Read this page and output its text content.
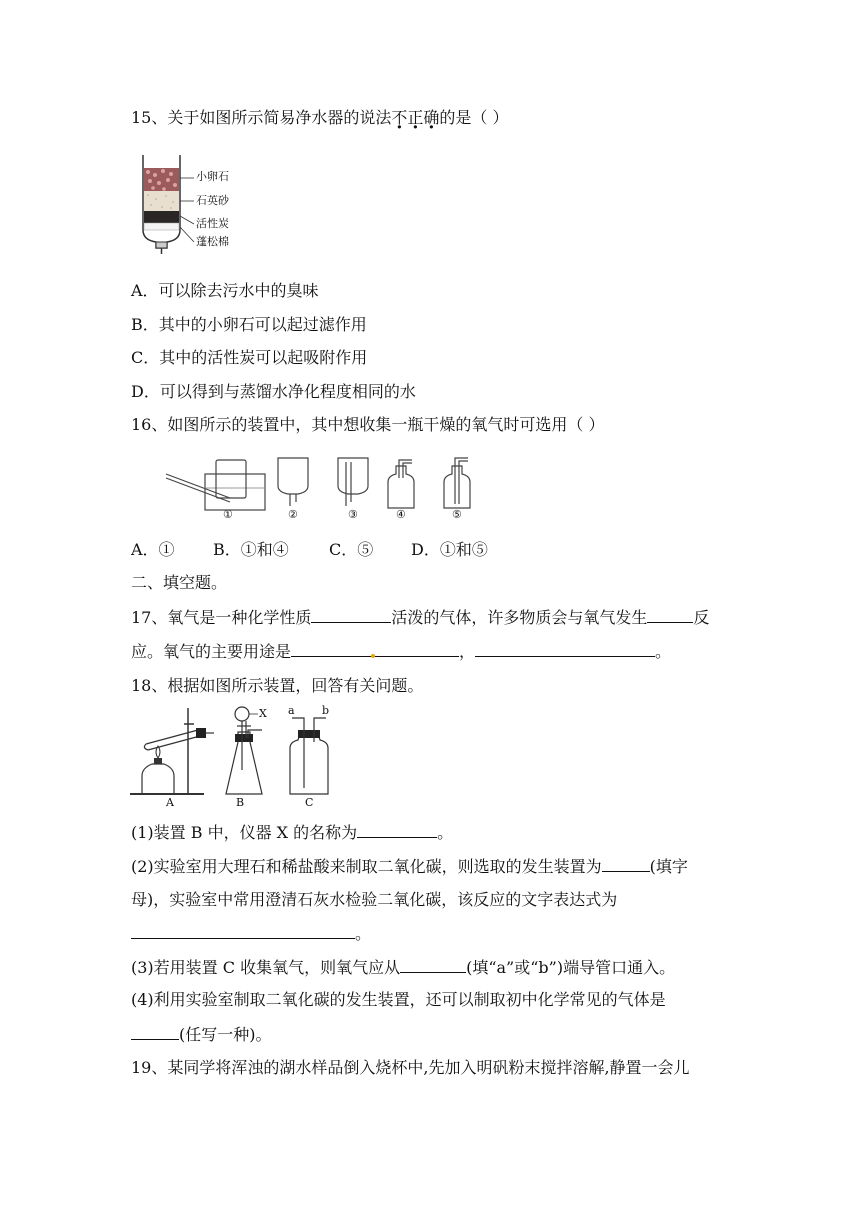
15、关于如图所示简易净水器的说法不正确的是（ ）
小卵石
石英砂
活性炭
蓬松棉
A．可以除去污水中的臭味
B．其中的小卵石可以起过滤作用
C．其中的活性炭可以起吸附作用
D．可以得到与蒸馏水净化程度相同的水
16、如图所示的装置中，其中想收集一瓶干燥的氧气时可选用（ ）
①	②	③	④	⑤
A．① B．①和④	C．⑤ D．①和⑤
二、填空题。
17、氧气是一种化学性质	活泼的气体，许多物质会与氧气发生	反
应。氧气的主要用途是	，	。
18、根据如图所示装置，回答有关问题。
A	B	C
X a b
(1)装置 B 中，仪器 X 的名称为	。
(2)实验室用大理石和稀盐酸来制取二氧化碳，则选取的发生装置为	(填字
母)，实验室中常用澄清石灰水检验二氧化碳，该反应的文字表达式为
。
(3)若用装置 C 收集氧气，则氧气应从	(填“a”或“b”)端导管口通入。
(4)利用实验室制取二氧化碳的发生装置，还可以制取初中化学常见的气体是
(任写一种)。
19、某同学将浑浊的湖水样品倒入烧杯中,先加入明矾粉末搅拌溶解,静置一会儿
